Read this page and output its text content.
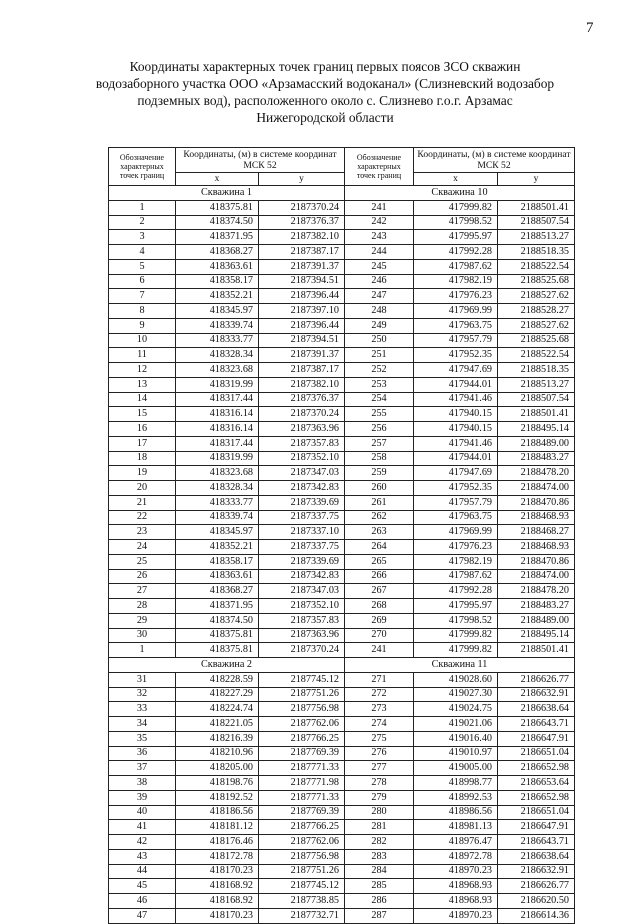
7
Координаты характерных точек границ первых поясов ЗСО скважин
водозаборного участка ООО «Арзамасский водоканал» (Слизневский водозабор
подземных вод), расположенного около с. Слизнево г.о.г. Арзамас
Нижегородской области
Обозначение характерных точек границ	Координаты, (м) в системе координат МСК 52		Обозначение характерных точек границ	Координаты, (м) в системе координат МСК 52	
	x	y		x	y
Скважина 1			Скважина 10		
1	418375.81	2187370.24	241	417999.82	2188501.41
2	418374.50	2187376.37	242	417998.52	2188507.54
3	418371.95	2187382.10	243	417995.97	2188513.27
4	418368.27	2187387.17	244	417992.28	2188518.35
5	418363.61	2187391.37	245	417987.62	2188522.54
6	418358.17	2187394.51	246	417982.19	2188525.68
7	418352.21	2187396.44	247	417976.23	2188527.62
8	418345.97	2187397.10	248	417969.99	2188528.27
9	418339.74	2187396.44	249	417963.75	2188527.62
10	418333.77	2187394.51	250	417957.79	2188525.68
11	418328.34	2187391.37	251	417952.35	2188522.54
12	418323.68	2187387.17	252	417947.69	2188518.35
13	418319.99	2187382.10	253	417944.01	2188513.27
14	418317.44	2187376.37	254	417941.46	2188507.54
15	418316.14	2187370.24	255	417940.15	2188501.41
16	418316.14	2187363.96	256	417940.15	2188495.14
17	418317.44	2187357.83	257	417941.46	2188489.00
18	418319.99	2187352.10	258	417944.01	2188483.27
19	418323.68	2187347.03	259	417947.69	2188478.20
20	418328.34	2187342.83	260	417952.35	2188474.00
21	418333.77	2187339.69	261	417957.79	2188470.86
22	418339.74	2187337.75	262	417963.75	2188468.93
23	418345.97	2187337.10	263	417969.99	2188468.27
24	418352.21	2187337.75	264	417976.23	2188468.93
25	418358.17	2187339.69	265	417982.19	2188470.86
26	418363.61	2187342.83	266	417987.62	2188474.00
27	418368.27	2187347.03	267	417992.28	2188478.20
28	418371.95	2187352.10	268	417995.97	2188483.27
29	418374.50	2187357.83	269	417998.52	2188489.00
30	418375.81	2187363.96	270	417999.82	2188495.14
1	418375.81	2187370.24	241	417999.82	2188501.41
Скважина 2			Скважина 11		
31	418228.59	2187745.12	271	419028.60	2186626.77
32	418227.29	2187751.26	272	419027.30	2186632.91
33	418224.74	2187756.98	273	419024.75	2186638.64
34	418221.05	2187762.06	274	419021.06	2186643.71
35	418216.39	2187766.25	275	419016.40	2186647.91
36	418210.96	2187769.39	276	419010.97	2186651.04
37	418205.00	2187771.33	277	419005.00	2186652.98
38	418198.76	2187771.98	278	418998.77	2186653.64
39	418192.52	2187771.33	279	418992.53	2186652.98
40	418186.56	2187769.39	280	418986.56	2186651.04
41	418181.12	2187766.25	281	418981.13	2186647.91
42	418176.46	2187762.06	282	418976.47	2186643.71
43	418172.78	2187756.98	283	418972.78	2186638.64
44	418170.23	2187751.26	284	418970.23	2186632.91
45	418168.92	2187745.12	285	418968.93	2186626.77
46	418168.92	2187738.85	286	418968.93	2186620.50
47	418170.23	2187732.71	287	418970.23	2186614.36
